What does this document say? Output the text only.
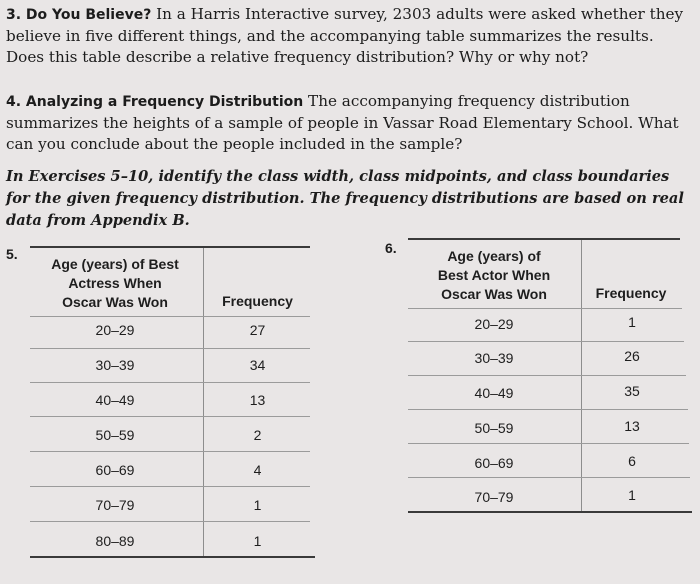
3. Do You Believe? In a Harris Interactive survey, 2303 adults were asked whether they believe in five different things, and the accompanying table summarizes the results. Does this table describe a relative frequency distribution? Why or why not?
4. Analyzing a Frequency Distribution The accompanying frequency distribution summarizes the heights of a sample of people in Vassar Road Elementary School. What can you conclude about the people included in the sample?
In Exercises 5–10, identify the class width, class midpoints, and class boundaries for the given frequency distribution. The frequency distributions are based on real data from Appendix B.
5.
Age (years) of Best
Actress When
Oscar Was Won	Frequency
20–29	27
30–39	34
40–49	13
50–59	2
60–69	4
70–79	1
80–89	1
6.	Age (years) of
Best Actor When
Oscar Was Won	Frequency
20–29	1
30–39	26
40–49	35
50–59	13
60–69	6
70–79	1
